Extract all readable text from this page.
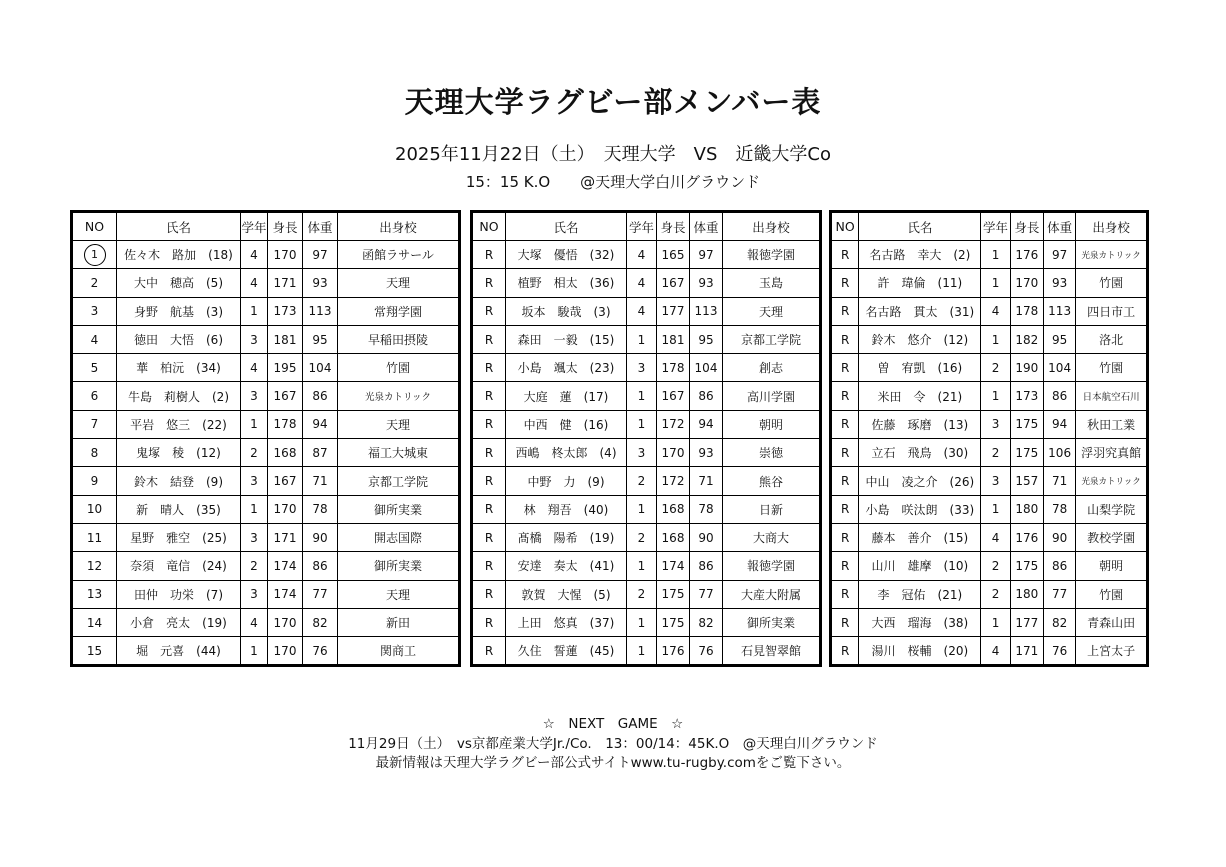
天理大学ラグビー部メンバー表
2025年11月22日（土）　天理大学　VS　近畿大学Co
15：15 K.O　　@天理大学白川グラウンド
NO	氏名	学年	身長	体重	出身校
1	佐々木　路加　(18)	4	170	97	函館ラサール
2	大中　穂高　(5)	4	171	93	天理
3	身野　航基　(3)	1	173	113	常翔学園
4	徳田　大悟　(6)	3	181	95	早稲田摂陵
5	華　柏沅　(34)	4	195	104	竹園
6	牛島　莉樹人　(2)	3	167	86	光泉カトリック
7	平岩　悠三　(22)	1	178	94	天理
8	鬼塚　稜　(12)	2	168	87	福工大城東
9	鈴木　結登　(9)	3	167	71	京都工学院
10	新　晴人　(35)	1	170	78	御所実業
11	星野　雅空　(25)	3	171	90	開志国際
12	奈須　竜信　(24)	2	174	86	御所実業
13	田仲　功栄　(7)	3	174	77	天理
14	小倉　亮太　(19)	4	170	82	新田
15	堀　元喜　(44)	1	170	76	関商工
NO	氏名	学年	身長	体重	出身校
R	大塚　優悟　(32)	4	165	97	報徳学園
R	植野　相太　(36)	4	167	93	玉島
R	坂本　駿哉　(3)	4	177	113	天理
R	森田　一毅　(15)	1	181	95	京都工学院
R	小島　颯太　(23)	3	178	104	創志
R	大庭　蓮　(17)	1	167	86	高川学園
R	中西　健　(16)	1	172	94	朝明
R	西嶋　柊太郎　(4)	3	170	93	崇徳
R	中野　力　(9)	2	172	71	熊谷
R	林　翔吾　(40)	1	168	78	日新
R	髙橋　陽希　(19)	2	168	90	大商大
R	安達　奏太　(41)	1	174	86	報徳学園
R	敦賀　大惺　(5)	2	175	77	大産大附属
R	上田　悠真　(37)	1	175	82	御所実業
R	久住　誓蓮　(45)	1	176	76	石見智翠館
NO	氏名	学年	身長	体重	出身校
R	名古路　幸大　(2)	1	176	97	光泉カトリック
R	許　瑋倫　(11)	1	170	93	竹園
R	名古路　貫太　(31)	4	178	113	四日市工
R	鈴木　悠介　(12)	1	182	95	洛北
R	曽　宥凱　(16)	2	190	104	竹園
R	米田　令　(21)	1	173	86	日本航空石川
R	佐藤　琢磨　(13)	3	175	94	秋田工業
R	立石　飛鳥　(30)	2	175	106	浮羽究真館
R	中山　凌之介　(26)	3	157	71	光泉カトリック
R	小島　咲汰朗　(33)	1	180	78	山梨学院
R	藤本　善介　(15)	4	176	90	教校学園
R	山川　雄摩　(10)	2	175	86	朝明
R	李　冠佑　(21)	2	180	77	竹園
R	大西　瑠海　(38)	1	177	82	青森山田
R	湯川　桜輔　(20)	4	171	76	上宮太子
☆　NEXT　GAME　☆
11月29日（土）　vs京都産業大学Jr./Co.　13：00/14：45K.O　@天理白川グラウンド
最新情報は天理大学ラグビー部公式サイトwww.tu-rugby.comをご覧下さい。
